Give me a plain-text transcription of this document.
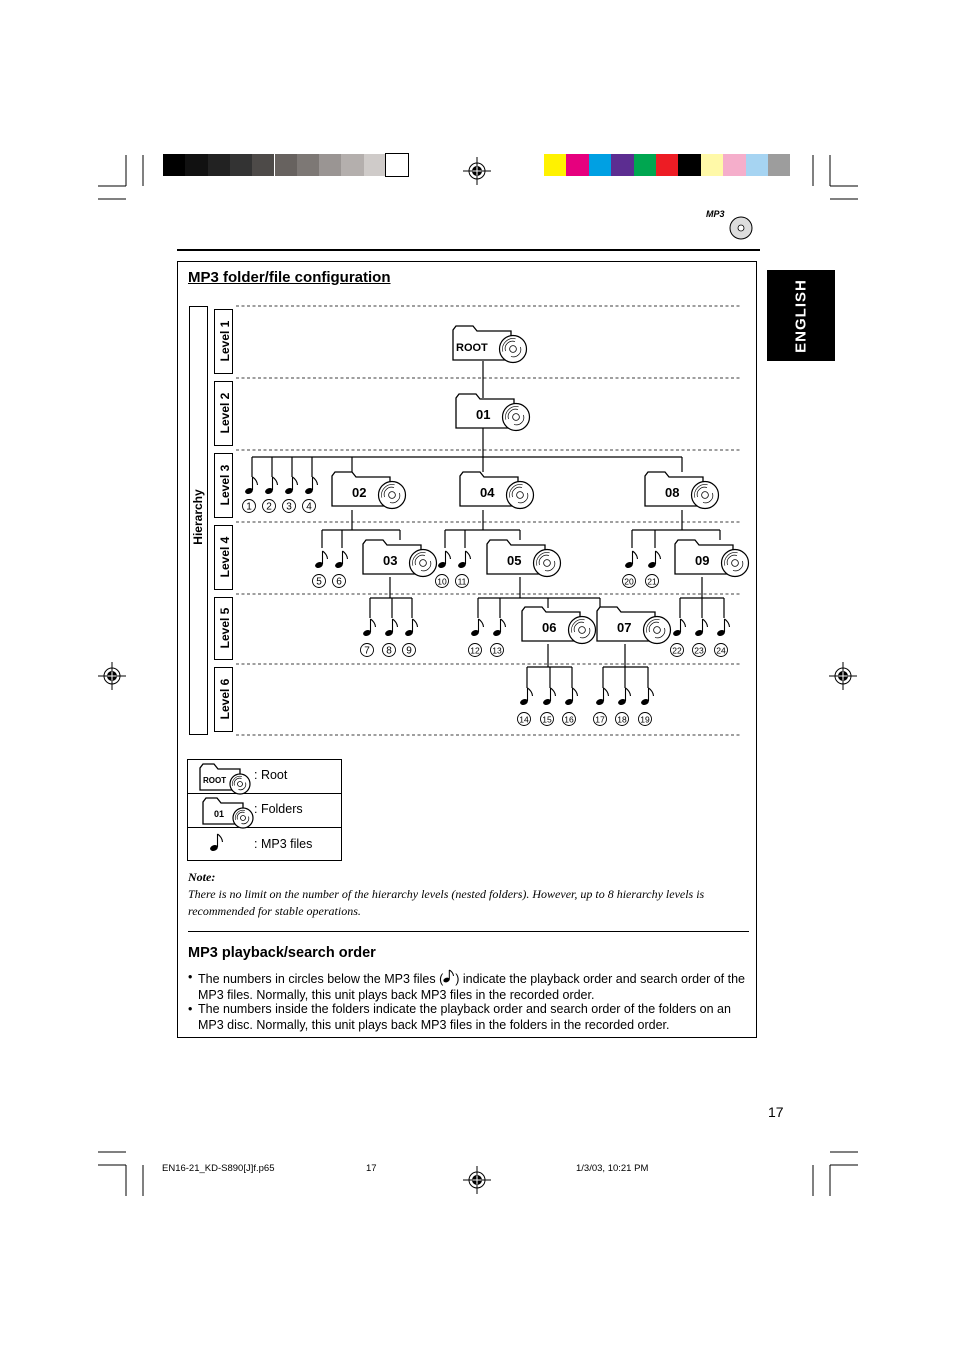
MP3
ENGLISH
MP3 folder/file configuration
1 2 3 4
5 6
7 8 9
10 11
12 13
14 15 16	17 18 19
20 21
22 23 24
ROOT
01
02	04	08
03	05	09
06	07
Hierarchy
Level 1
Level 2
Level 3
Level 4
Level 5
Level 6
ROOT
01
: Root
: Folders
: MP3 files
Note:
There is no limit on the number of the hierarchy levels (nested folders). However, up to 8 hierarchy levels is recommended for stable operations.
MP3 playback/search order
• The numbers in circles below the MP3 files ( ) indicate the playback order and search order of the MP3 files. Normally, this unit plays back MP3 files in the recorded order.
• The numbers inside the folders indicate the playback order and search order of the folders on an MP3 disc. Normally, this unit plays back MP3 files in the folders in the recorded order.
17
EN16-21_KD-S890[J]f.p65	17	1/3/03, 10:21 PM
